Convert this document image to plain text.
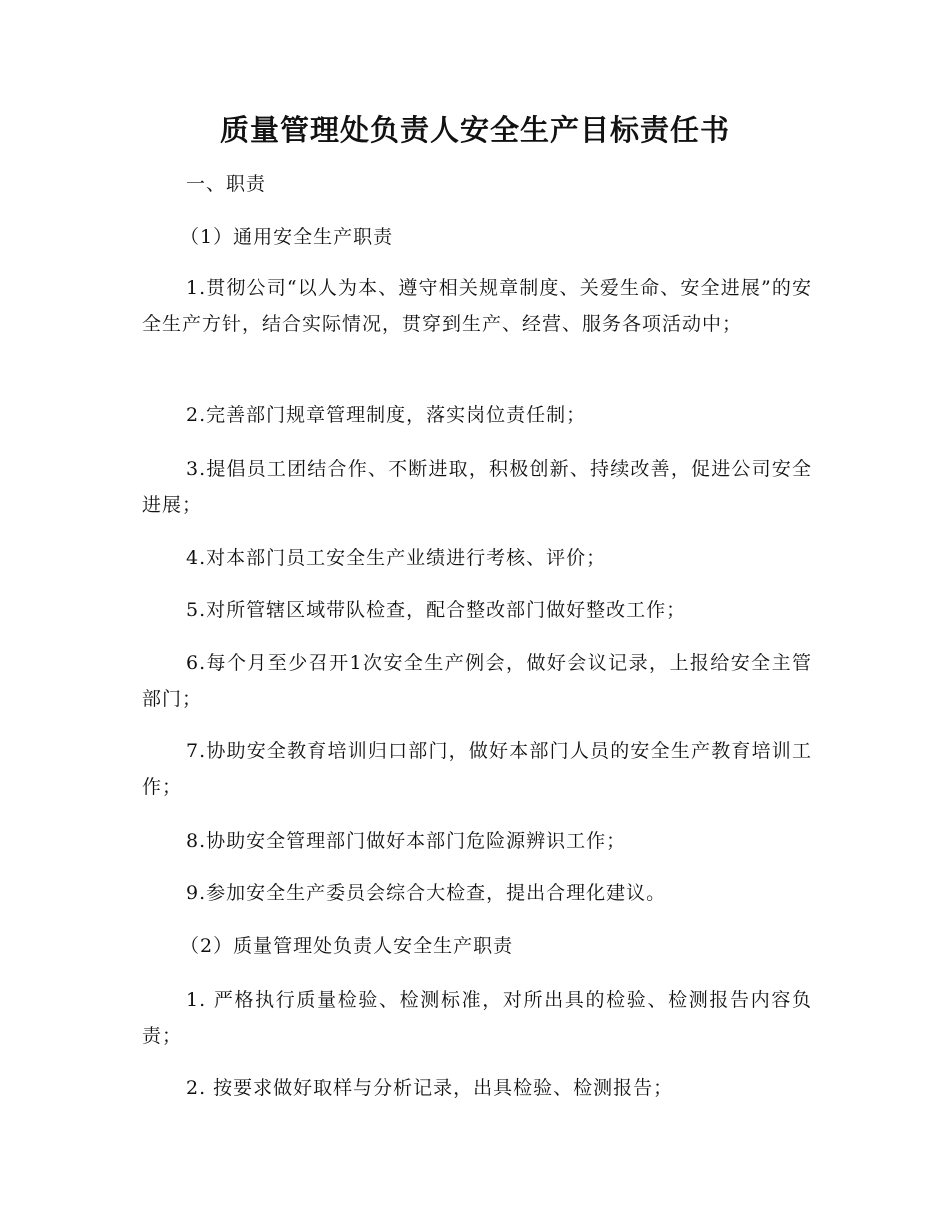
质量管理处负责人安全生产目标责任书

一、职责

（1）通用安全生产职责

1.贯彻公司“以人为本、遵守相关规章制度、关爱生命、安全进展”的安全生产方针，结合实际情况，贯穿到生产、经营、服务各项活动中；

2.完善部门规章管理制度，落实岗位责任制；

3.提倡员工团结合作、不断进取，积极创新、持续改善，促进公司安全进展；

4.对本部门员工安全生产业绩进行考核、评价；

5.对所管辖区域带队检查，配合整改部门做好整改工作；

6.每个月至少召开1次安全生产例会，做好会议记录，上报给安全主管部门；

7.协助安全教育培训归口部门，做好本部门人员的安全生产教育培训工作；

8.协助安全管理部门做好本部门危险源辨识工作；

9.参加安全生产委员会综合大检查，提出合理化建议。

（2）质量管理处负责人安全生产职责

1. 严格执行质量检验、检测标准，对所出具的检验、检测报告内容负责；

2. 按要求做好取样与分析记录，出具检验、检测报告；
